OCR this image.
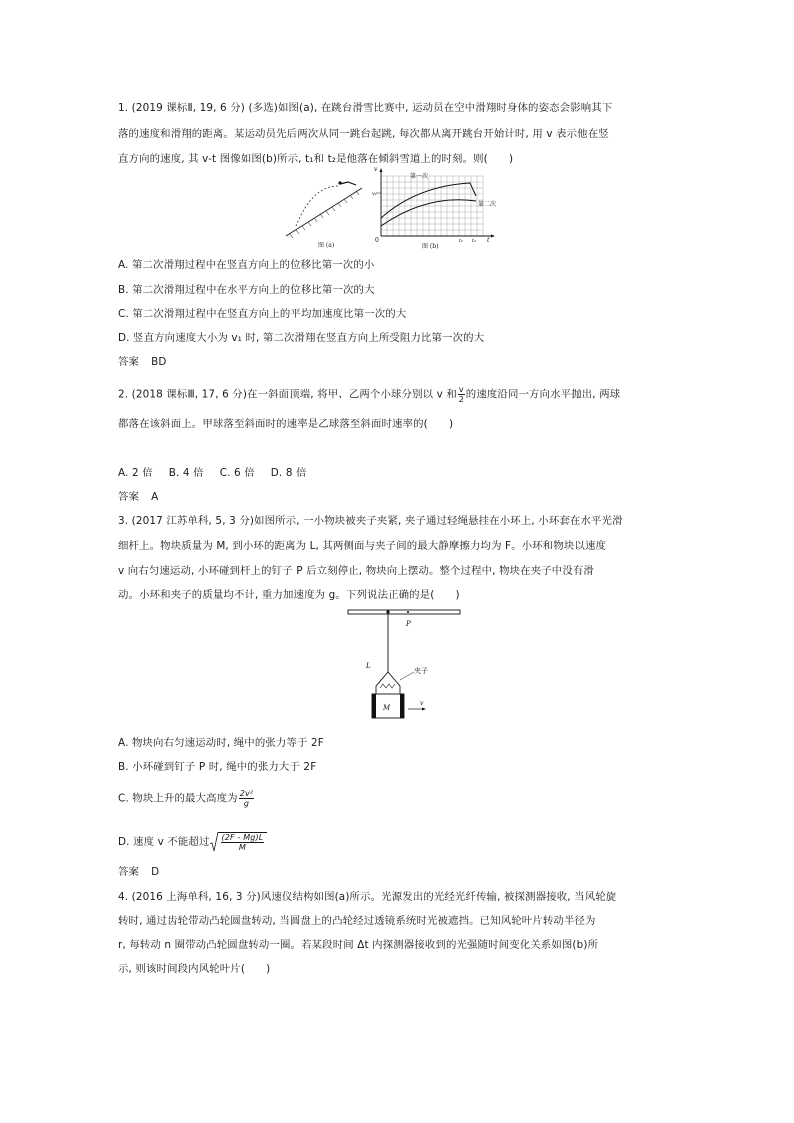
1. (2019 课标Ⅱ, 19, 6 分) (多选)如图(a), 在跳台滑雪比赛中, 运动员在空中滑翔时身体的姿态会影响其下
落的速度和滑翔的距离。某运动员先后两次从同一跳台起跳, 每次都从离开跳台开始计时, 用 v 表示他在竖
直方向的速度, 其 v-t 图像如图(b)所示, t₁和 t₂是他落在倾斜雪道上的时刻。则(　　)
图 (a)
v
t
v₁
0	t₁ t₂
第一次
第二次
图 (b)
A. 第二次滑翔过程中在竖直方向上的位移比第一次的小
B. 第二次滑翔过程中在水平方向上的位移比第一次的大
C. 第二次滑翔过程中在竖直方向上的平均加速度比第一次的大
D. 竖直方向速度大小为 v₁ 时, 第二次滑翔在竖直方向上所受阻力比第一次的大
答案 BD
2. (2018 课标Ⅲ, 17, 6 分)在一斜面顶端, 将甲、乙两个小球分别以 v 和 $\frac{v}{2}$ 的速度沿同一方向水平抛出, 两球
都落在该斜面上。甲球落至斜面时的速率是乙球落至斜面时速率的(　　)
A. 2 倍 B. 4 倍 C. 6 倍 D. 8 倍
答案 A
3. (2017 江苏单科, 5, 3 分)如图所示, 一小物块被夹子夹紧, 夹子通过轻绳悬挂在小环上, 小环套在水平光滑
细杆上。物块质量为 M, 到小环的距离为 L, 其两侧面与夹子间的最大静摩擦力均为 F。小环和物块以速度
v 向右匀速运动, 小环碰到杆上的钉子 P 后立刻停止, 物块向上摆动。整个过程中, 物块在夹子中没有滑
动。小环和夹子的质量均不计, 重力加速度为 g。下列说法正确的是(　　)
P
L
夹子
M
v
A. 物块向右匀速运动时, 绳中的张力等于 2F
B. 小环碰到钉子 P 时, 绳中的张力大于 2F
C. 物块上升的最大高度为 $\frac{\text{2v²}}{g}$
D. 速度 v 不能超过 $\frac{(2F - Mg)L}{M}$
答案 D
4. (2016 上海单科, 16, 3 分)风速仪结构如图(a)所示。光源发出的光经光纤传输, 被探测器接收, 当风轮旋
转时, 通过齿轮带动凸轮圆盘转动, 当圆盘上的凸轮经过透镜系统时光被遮挡。已知风轮叶片转动半径为
r, 每转动 n 圈带动凸轮圆盘转动一圈。若某段时间 Δt 内探测器接收到的光强随时间变化关系如图(b)所
示, 则该时间段内风轮叶片(　　)
